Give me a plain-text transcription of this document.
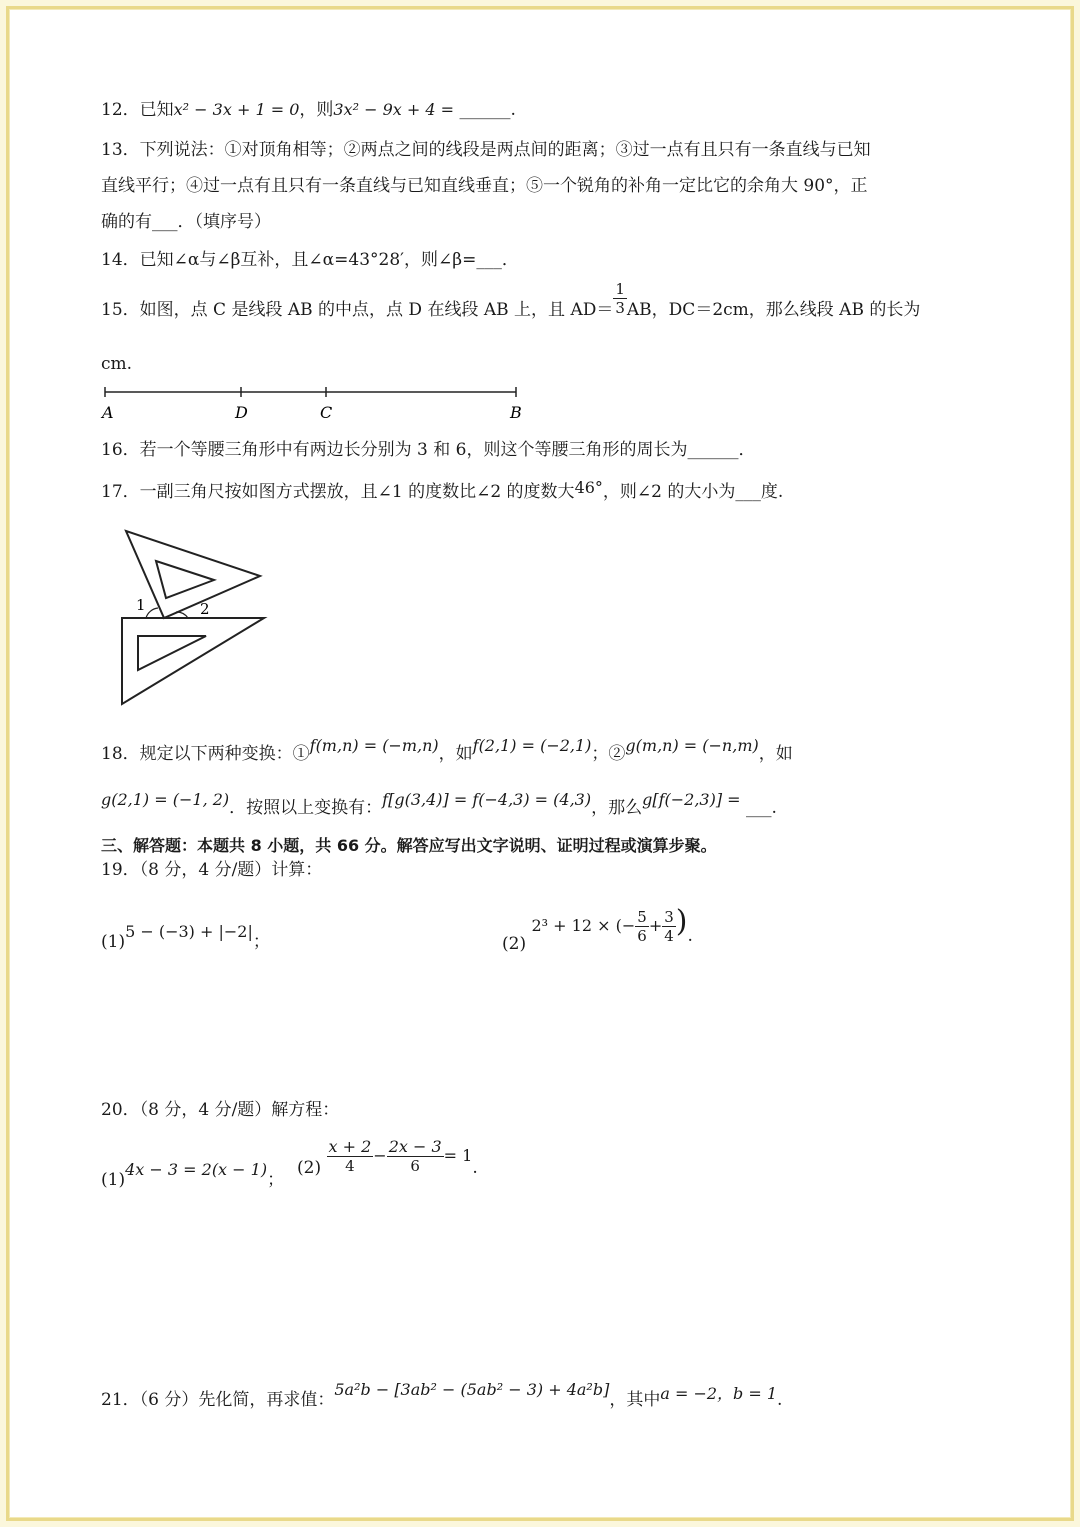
12．已知x² − 3x + 1 = 0，则3x² − 9x + 4 = ______.
13．下列说法：①对顶角相等；②两点之间的线段是两点间的距离；③过一点有且只有一条直线与已知
直线平行；④过一点有且只有一条直线与已知直线垂直；⑤一个锐角的补角一定比它的余角大 90°，正
确的有___．（填序号）
14．已知∠α与∠β互补，且∠α=43°28′，则∠β=___．
15．如图，点 C 是线段 AB 的中点，点 D 在线段 AB 上，且 $AD= \frac{1}{3}$ AB，DC＝2cm，那么线段 AB 的长为
cm.
A	D	C	B
16．若一个等腰三角形中有两边长分别为 3 和 6，则这个等腰三角形的周长为______．
17．一副三角尺按如图方式摆放，且∠1 的度数比∠2 的度数大46°，则∠2 的大小为___度.
1	2
18．规定以下两种变换：①f(m,n) = (−m,n)，如f(2,1) = (−2,1)；②g(m,n) = (−n,m)，如
g(2,1) = (−1, 2)．按照以上变换有：f[g(3,4)] = f(−4,3) = (4,3)，那么g[f(−2,3)] = ___.
三、解答题：本题共 8 小题，共 66 分。解答应写出文字说明、证明过程或演算步聚。
19．（8 分，4 分/题）计算：
(1)5 − (−3) + |−2|；	(2) 2³ + 12 × (− $\frac{5}{6} + \frac{3}{4}$ ).
20．（8 分，4 分/题）解方程：
(1)4x − 3 = 2(x − 1)；
$(2) \frac{x + 2}{4} - \frac{2x - 3}{6} = 1$.
21．（6 分）先化简，再求值：5a²b − [3ab² − (5ab² − 3) + 4a²b]，其中a = −2，b = 1.
